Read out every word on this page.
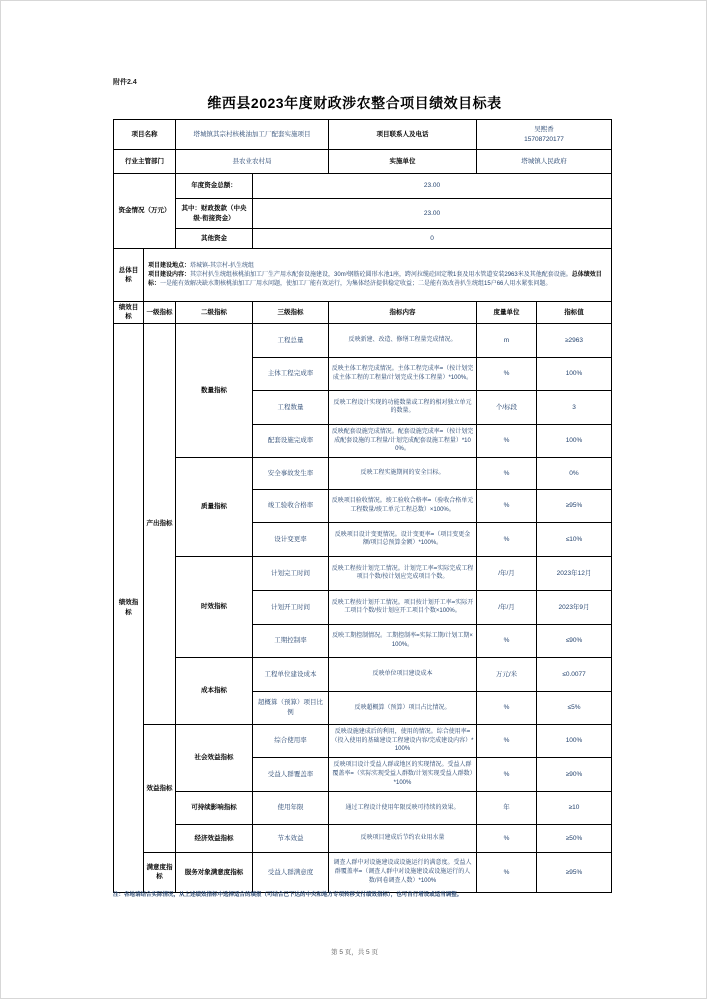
附件2.4
维西县2023年度财政涉农整合项目绩效目标表
项目名称		塔城镇其宗村核桃油加工厂配套实施项目		项目联系人及电话	吴熙香
15708720177	

行业主管部门		县农业农村局		实施单位	塔城镇人民政府	
资金情况（万元）		年度资金总额：	23.00			
		其中：财政拨款（中央级-衔接资金）	23.00			
		其他资金	0			
总体目标	项目建设地点：塔城镇-其宗村-扒生统组
项目建设内容：其宗村扒生统组核桃油加工厂生产用水配套设施建设，30m³钢筋砼圆形水池1座，跨河拉缆砼固定墩1套及用水管道安装2963米及其他配套设施。总体绩效目标：一是能有效解决缺水期核桃油加工厂用水问题，使加工厂能有效运行，为集体经济提供稳定收益；二是能有效改善扒生统组15户66人用水紧张问题。					
绩效目标	一级指标	二级指标	三级指标	指标内容	度量单位	指标值
绩效指标	产出指标	数量指标	工程总量	反映新建、改造、修缮工程量完成情况。	m	≥2963
			主体工程完成率	反映主体工程完成情况。主体工程完成率=（按计划完成主体工程的工程量/计划完成主体工程量）*100%。	%	100%
			工程数量	反映工程设计实现的功能数量或工程的相对独立单元的数量。	个/标段	3
			配套设施完成率	反映配套设施完成情况。配套设施完成率=（按计划完成配套设施的工程量/计划完成配套设施工程量）*100%。	%	100%
		质量指标	安全事故发生率	反映工程实施期间的安全目标。	%	0%
			竣工验收合格率	反映项目验收情况。竣工验收合格率=（验收合格单元工程数量/竣工单元工程总数）×100%。	%	≥95%
			设计变更率	反映项目设计变更情况。设计变更率=（项目变更金额/项目总预算金额）*100%。	%	≤10%
		时效指标	计划完工时间	反映工程按计划完工情况。计划完工率=实际完成工程项目个数/按计划应完成项目个数。	/年/月	2023年12月
			计划开工时间	反映工程按计划开工情况。项目按计划开工率=实际开工项目个数/按计划应开工项目个数×100%。	/年/月	2023年9月
			工期控制率	反映工期控制情况。工期控制率=实际工期/计划工期×100%。	%	≤90%
		成本指标	工程单位建设成本	反映单位项目建设成本	万元/米	≤0.0077
			超概算（预算）项目比例	反映超概算（预算）项目占比情况。	%	≤5%
	效益指标	社会效益指标	综合使用率	反映设施建成后的利用，使用的情况。综合使用率=（投入使用的基础建设工程建设内容/完成建设内容）*100%	%	100%
			受益人群覆盖率	反映项目设计受益人群或地区的实现情况。受益人群覆盖率=（实际实现受益人群数/计划实现受益人群数）*100%	%	≥90%
		可持续影响指标	使用年限	通过工程设计使用年限反映可持续的效果。	年	≥10
		经济效益指标	节本效益	反映项目建成后节约农业用水量	%	≥50%
	满意度指标	服务对象满意度指标	受益人群满意度	调查人群中对设施建设或设施运行的满意度。受益人群覆盖率=（调查人群中对设施建设或设施运行的人数/问卷调查人数）*100%	%	≥95%
注：各地请结合实际情况，从上述绩效指标中选择适合的填报（可结合已下达的中央和地方专项转移支付绩效指标），也可自行增设或适当调整。
第 5 页，共 5 页
